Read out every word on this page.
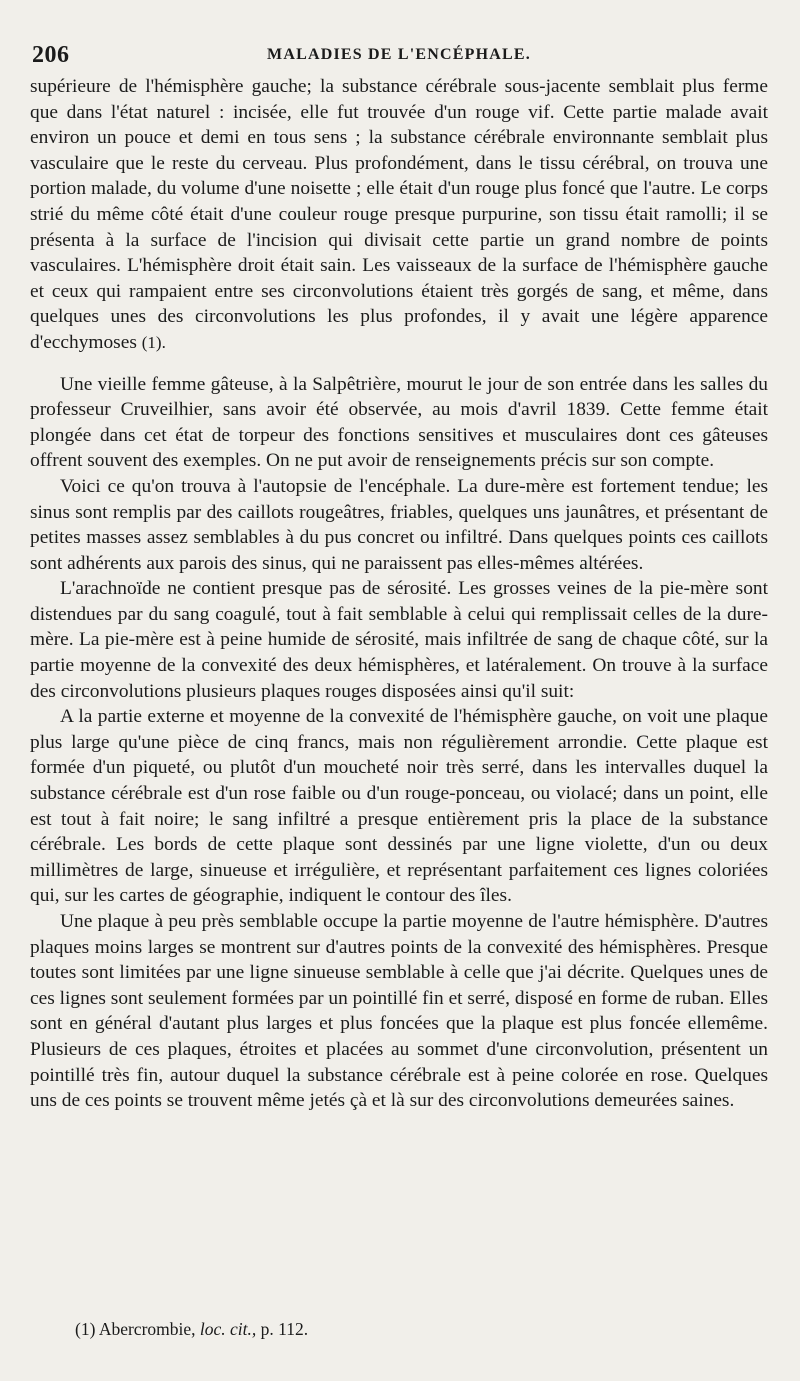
206	MALADIES DE L'ENCÉPHALE.

supérieure de l'hémisphère gauche; la substance cérébrale sous-jacente semblait plus ferme que dans l'état naturel : incisée, elle fut trouvée d'un rouge vif. Cette partie malade avait environ un pouce et demi en tous sens ; la substance cérébrale environnante semblait plus vasculaire que le reste du cerveau. Plus profondément, dans le tissu cérébral, on trouva une portion malade, du volume d'une noisette ; elle était d'un rouge plus foncé que l'autre. Le corps strié du même côté était d'une couleur rouge presque purpurine, son tissu était ramolli; il se présenta à la surface de l'incision qui divisait cette partie un grand nombre de points vasculaires. L'hémisphère droit était sain. Les vaisseaux de la surface de l'hémisphère gauche et ceux qui rampaient entre ses circonvolutions étaient très gorgés de sang, et même, dans quelques unes des circonvolutions les plus profondes, il y avait une légère apparence d'ecchymoses (1).

Une vieille femme gâteuse, à la Salpêtrière, mourut le jour de son entrée dans les salles du professeur Cruveilhier, sans avoir été observée, au mois d'avril 1839. Cette femme était plongée dans cet état de torpeur des fonctions sensitives et musculaires dont ces gâteuses offrent souvent des exemples. On ne put avoir de renseignements précis sur son compte.

Voici ce qu'on trouva à l'autopsie de l'encéphale. La dure-mère est fortement tendue; les sinus sont remplis par des caillots rougeâtres, friables, quelques uns jaunâtres, et présentant de petites masses assez semblables à du pus concret ou infiltré. Dans quelques points ces caillots sont adhérents aux parois des sinus, qui ne paraissent pas elles-mêmes altérées.

L'arachnoïde ne contient presque pas de sérosité. Les grosses veines de la pie-mère sont distendues par du sang coagulé, tout à fait semblable à celui qui remplissait celles de la dure-mère. La pie-mère est à peine humide de sérosité, mais infiltrée de sang de chaque côté, sur la partie moyenne de la convexité des deux hémisphères, et latéralement. On trouve à la surface des circonvolutions plusieurs plaques rouges disposées ainsi qu'il suit:

A la partie externe et moyenne de la convexité de l'hémisphère gauche, on voit une plaque plus large qu'une pièce de cinq francs, mais non régulièrement arrondie. Cette plaque est formée d'un piqueté, ou plutôt d'un moucheté noir très serré, dans les intervalles duquel la substance cérébrale est d'un rose faible ou d'un rouge-ponceau, ou violacé; dans un point, elle est tout à fait noire; le sang infiltré a presque entièrement pris la place de la substance cérébrale. Les bords de cette plaque sont dessinés par une ligne violette, d'un ou deux millimètres de large, sinueuse et irrégulière, et représentant parfaitement ces lignes coloriées qui, sur les cartes de géographie, indiquent le contour des îles.

Une plaque à peu près semblable occupe la partie moyenne de l'autre hémisphère. D'autres plaques moins larges se montrent sur d'autres points de la convexité des hémisphères. Presque toutes sont limitées par une ligne sinueuse semblable à celle que j'ai décrite. Quelques unes de ces lignes sont seulement formées par un pointillé fin et serré, disposé en forme de ruban. Elles sont en général d'autant plus larges et plus foncées que la plaque est plus foncée ellemême. Plusieurs de ces plaques, étroites et placées au sommet d'une circonvolution, présentent un pointillé très fin, autour duquel la substance cérébrale est à peine colorée en rose. Quelques uns de ces points se trouvent même jetés çà et là sur des circonvolutions demeurées saines.

(1) Abercrombie, loc. cit., p. 112.
